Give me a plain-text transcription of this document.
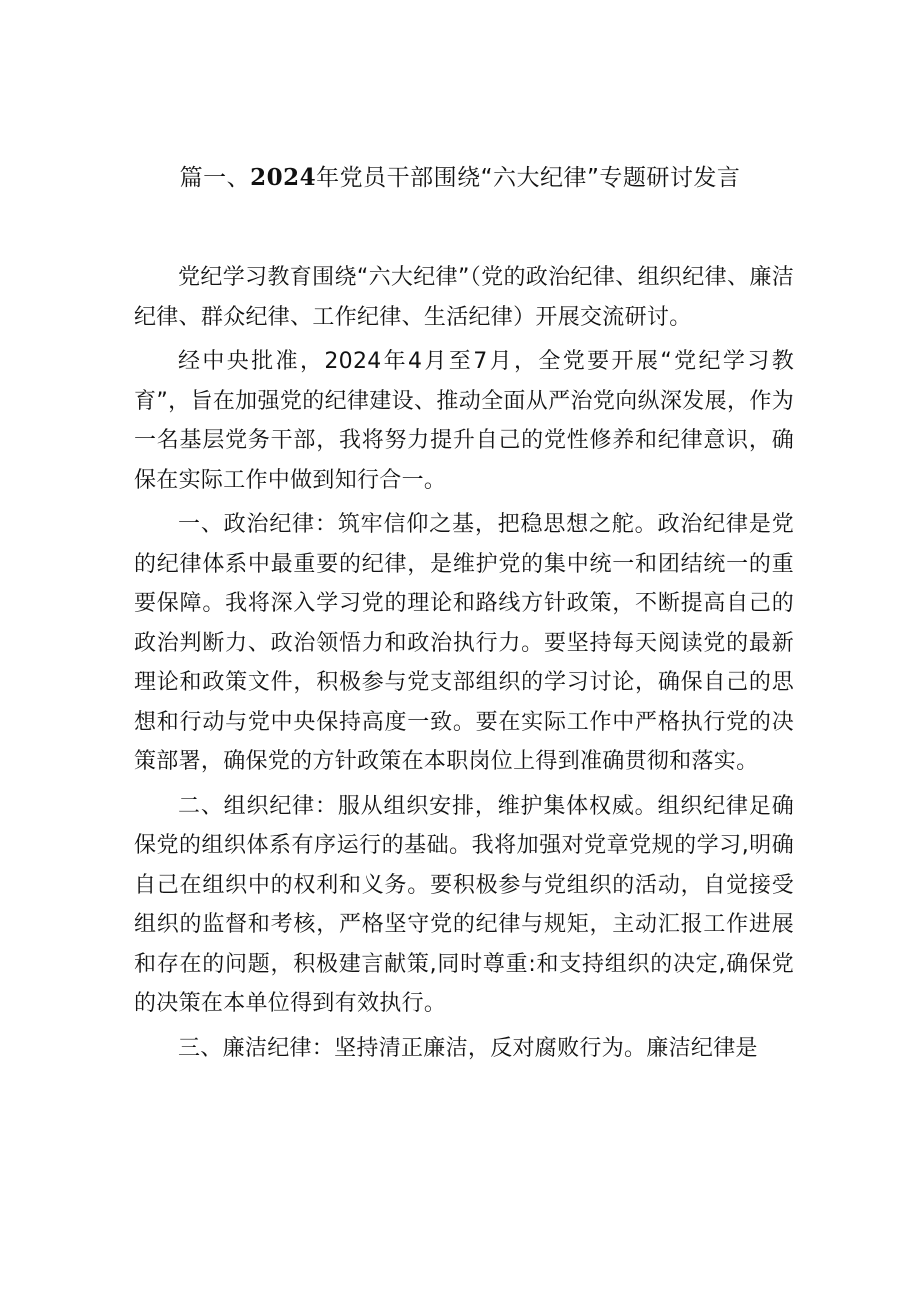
篇一、2024年党员干部围绕“六大纪律”专题研讨发言

党纪学习教育围绕“六大纪律”（党的政治纪律、组织纪律、廉洁纪律、群众纪律、工作纪律、生活纪律）开展交流研讨。

经中央批准，2024年4月至7月，全党要开展“党纪学习教育”，旨在加强党的纪律建设、推动全面从严治党向纵深发展，作为一名基层党务干部，我将努力提升自己的党性修养和纪律意识，确保在实际工作中做到知行合一。

一、政治纪律：筑牢信仰之基，把稳思想之舵。政治纪律是党的纪律体系中最重要的纪律，是维护党的集中统一和团结统一的重要保障。我将深入学习党的理论和路线方针政策，不断提高自己的政治判断力、政治领悟力和政治执行力。要坚持每天阅读党的最新理论和政策文件，积极参与党支部组织的学习讨论，确保自己的思想和行动与党中央保持高度一致。要在实际工作中严格执行党的决策部署，确保党的方针政策在本职岗位上得到准确贯彻和落实。

二、组织纪律：服从组织安排，维护集体权威。组织纪律足确保党的组织体系有序运行的基础。我将加强对党章党规的学习,明确自己在组织中的权利和义务。要积极参与党组织的活动，自觉接受组织的监督和考核，严格坚守党的纪律与规矩，主动汇报工作进展和存在的问题，积极建言献策,同时尊重:和支持组织的决定,确保党的决策在本单位得到有效执行。

三、廉洁纪律：坚持清正廉洁，反对腐败行为。廉洁纪律是
